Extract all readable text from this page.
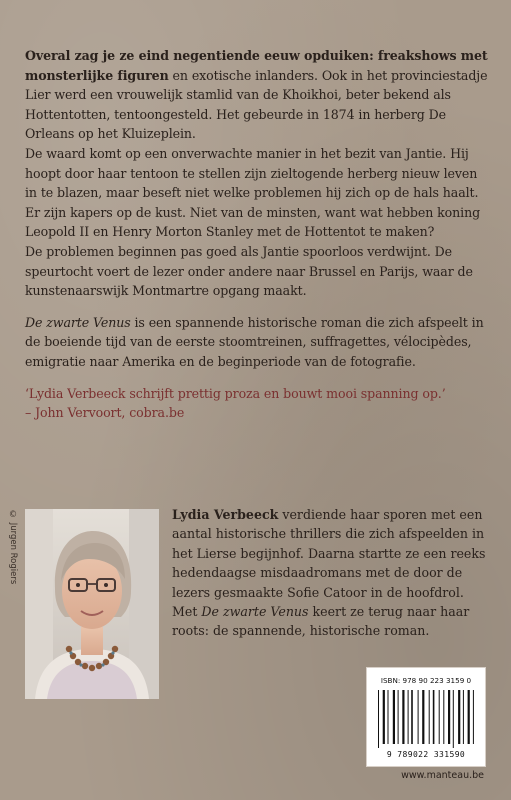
Overal zag je ze eind negentiende eeuw opduiken: freakshows met monsterlijke figuren en exotische inlanders. Ook in het provinciestadje Lier werd een vrouwelijk stamlid van de Khoikhoi, beter bekend als Hottentotten, tentoongesteld. Het gebeurde in 1874 in herberg De Orleans op het Kluizeplein.

De waard komt op een onverwachte manier in het bezit van Jantie. Hij hoopt door haar tentoon te stellen zijn zieltogende herberg nieuw leven in te blazen, maar beseft niet welke problemen hij zich op de hals haalt. Er zijn kapers op de kust. Niet van de minsten, want wat hebben koning Leopold II en Henry Morton Stanley met de Hottentot te maken?

De problemen beginnen pas goed als Jantie spoorloos verdwijnt. De speurtocht voert de lezer onder andere naar Brussel en Parijs, waar de kunstenaarswijk Montmartre opgang maakt.

De zwarte Venus is een spannende historische roman die zich afspeelt in de boeiende tijd van de eerste stoomtreinen, suffragettes, vélocipèdes, emigratie naar Amerika en de beginperiode van de fotografie.

‘Lydia Verbeeck schrijft prettig proza en bouwt mooi spanning op.’

– John Vervoort, cobra.be

© Jurgen Rogiers	Lydia Verbeeck verdiende haar sporen met een aantal historische thrillers die zich afspeelden in het Lierse begijnhof. Daarna startte ze een reeks hedendaagse misdaadromans met de door de lezers gesmaakte Sofie Catoor in de hoofdrol. Met De zwarte Venus keert ze terug naar haar roots: de spannende, historische roman.

ISBN: 978 90 223 3159 0
9 789022 331590
www.manteau.be
